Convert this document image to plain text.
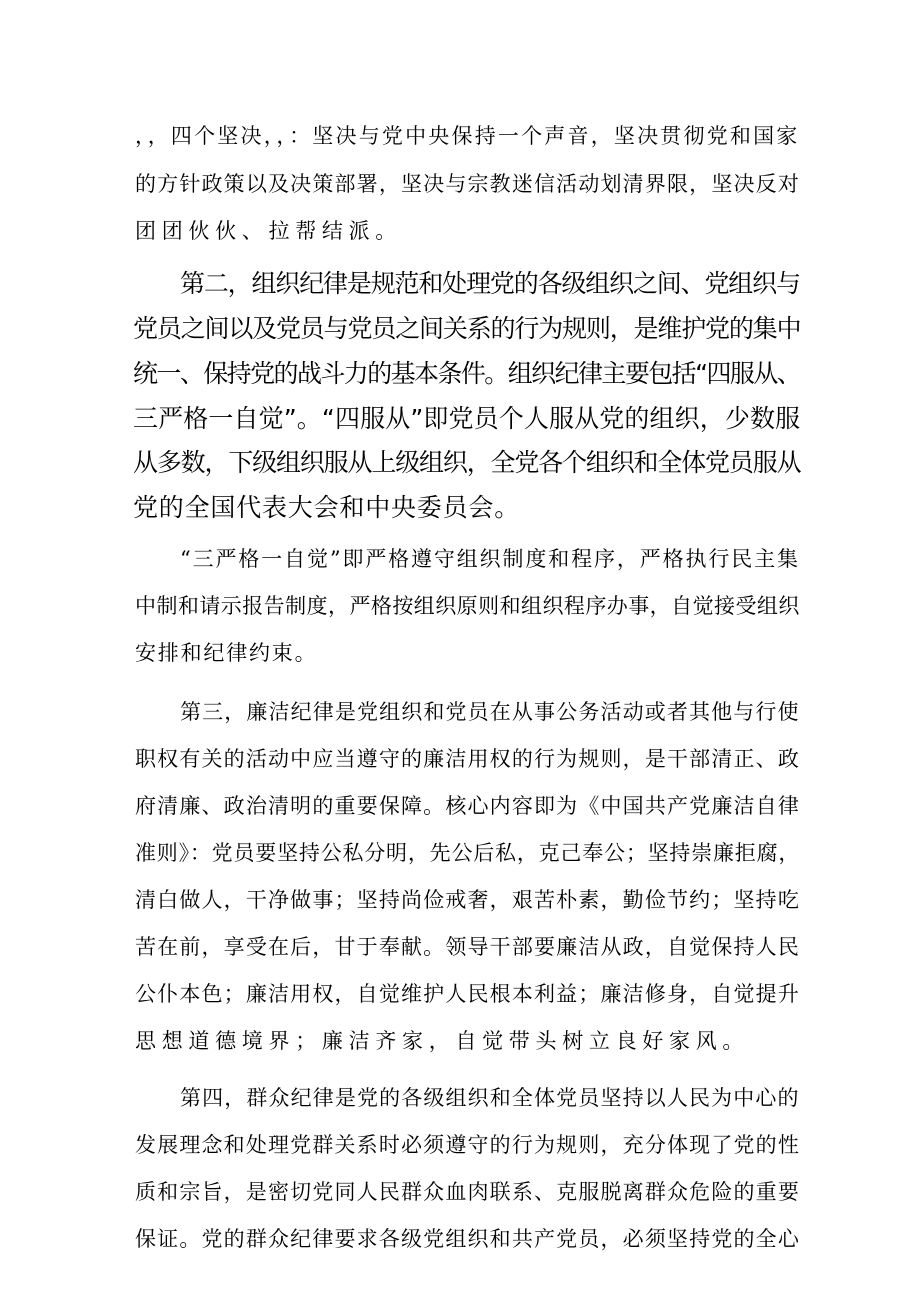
，，四个坚决，，：坚决与党中央保持一个声音，坚决贯彻党和国家
的方针政策以及决策部署，坚决与宗教迷信活动划清界限，坚决反对
团团伙伙、拉帮结派。
第二，组织纪律是规范和处理党的各级组织之间、党组织与
党员之间以及党员与党员之间关系的行为规则，是维护党的集中
统一、保持党的战斗力的基本条件。组织纪律主要包括“四服从、
三严格一自觉”。“四服从”即党员个人服从党的组织，少数服
从多数，下级组织服从上级组织，全党各个组织和全体党员服从
党的全国代表大会和中央委员会。
“三严格一自觉”即严格遵守组织制度和程序，严格执行民主集
中制和请示报告制度，严格按组织原则和组织程序办事，自觉接受组织
安排和纪律约束。
第三，廉洁纪律是党组织和党员在从事公务活动或者其他与行使
职权有关的活动中应当遵守的廉洁用权的行为规则，是干部清正、政
府清廉、政治清明的重要保障。核心内容即为《中国共产党廉洁自律
准则》：党员要坚持公私分明，先公后私，克己奉公；坚持崇廉拒腐，
清白做人，干净做事；坚持尚俭戒奢，艰苦朴素，勤俭节约；坚持吃
苦在前，享受在后，甘于奉献。领导干部要廉洁从政，自觉保持人民
公仆本色；廉洁用权，自觉维护人民根本利益；廉洁修身，自觉提升
思想道德境界；廉洁齐家，自觉带头树立良好家风。
第四，群众纪律是党的各级组织和全体党员坚持以人民为中心的
发展理念和处理党群关系时必须遵守的行为规则，充分体现了党的性
质和宗旨，是密切党同人民群众血肉联系、克服脱离群众危险的重要
保证。党的群众纪律要求各级党组织和共产党员，必须坚持党的全心
